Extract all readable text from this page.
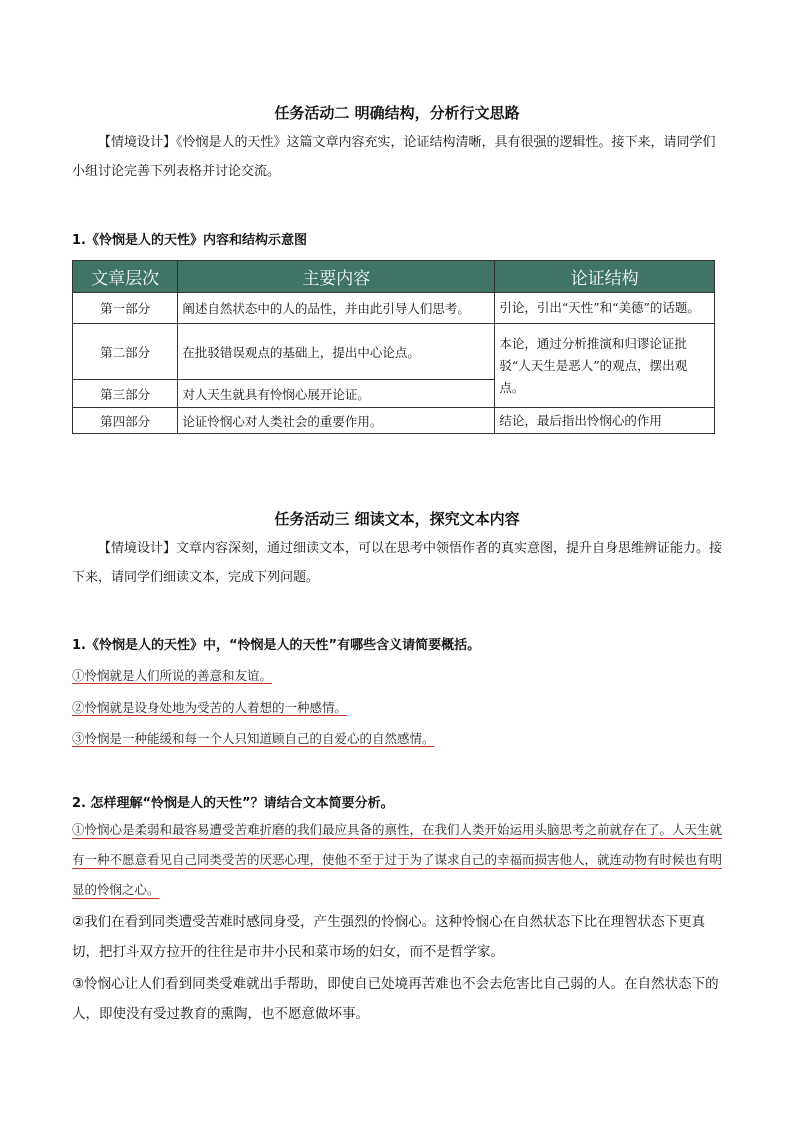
任务活动二 明确结构，分析行文思路

【情境设计】《怜悯是人的天性》这篇文章内容充实，论证结构清晰，具有很强的逻辑性。接下来，请同学们小组讨论完善下列表格并讨论交流。

1.《怜悯是人的天性》内容和结构示意图
文章层次	主要内容	论证结构
第一部分	阐述自然状态中的人的品性，并由此引导人们思考。	引论，引出“天性”和“美德”的话题。
第二部分	在批驳错误观点的基础上，提出中心论点。	本论，通过分析推演和归谬论证批驳“人天生是恶人”的观点，摆出观点。
第三部分	对人天生就具有怜悯心展开论证。	
第四部分	论证怜悯心对人类社会的重要作用。	结论，最后指出怜悯心的作用
任务活动三 细读文本，探究文本内容

【情境设计】文章内容深刻，通过细读文本，可以在思考中领悟作者的真实意图，提升自身思维辨证能力。接下来，请同学们细读文本，完成下列问题。

1.《怜悯是人的天性》中，“怜悯是人的天性”有哪些含义请简要概括。
①怜悯就是人们所说的善意和友谊。
②怜悯就是设身处地为受苦的人着想的一种感情。
③怜悯是一种能缓和每一个人只知道顾自己的自爱心的自然感情。
2. 怎样理解“怜悯是人的天性”？请结合文本简要分析。

①怜悯心是柔弱和最容易遭受苦难折磨的我们最应具备的禀性，在我们人类开始运用头脑思考之前就存在了。人天生就有一种不愿意看见自己同类受苦的厌恶心理，使他不至于过于为了谋求自己的幸福而损害他人，就连动物有时候也有明显的怜悯之心。

②我们在看到同类遭受苦难时感同身受，产生强烈的怜悯心。这种怜悯心在自然状态下比在理智状态下更真切，把打斗双方拉开的往往是市井小民和菜市场的妇女，而不是哲学家。

③怜悯心让人们看到同类受难就出手帮助，即使自已处境再苦难也不会去危害比自己弱的人。在自然状态下的人，即使没有受过教育的熏陶，也不愿意做坏事。
